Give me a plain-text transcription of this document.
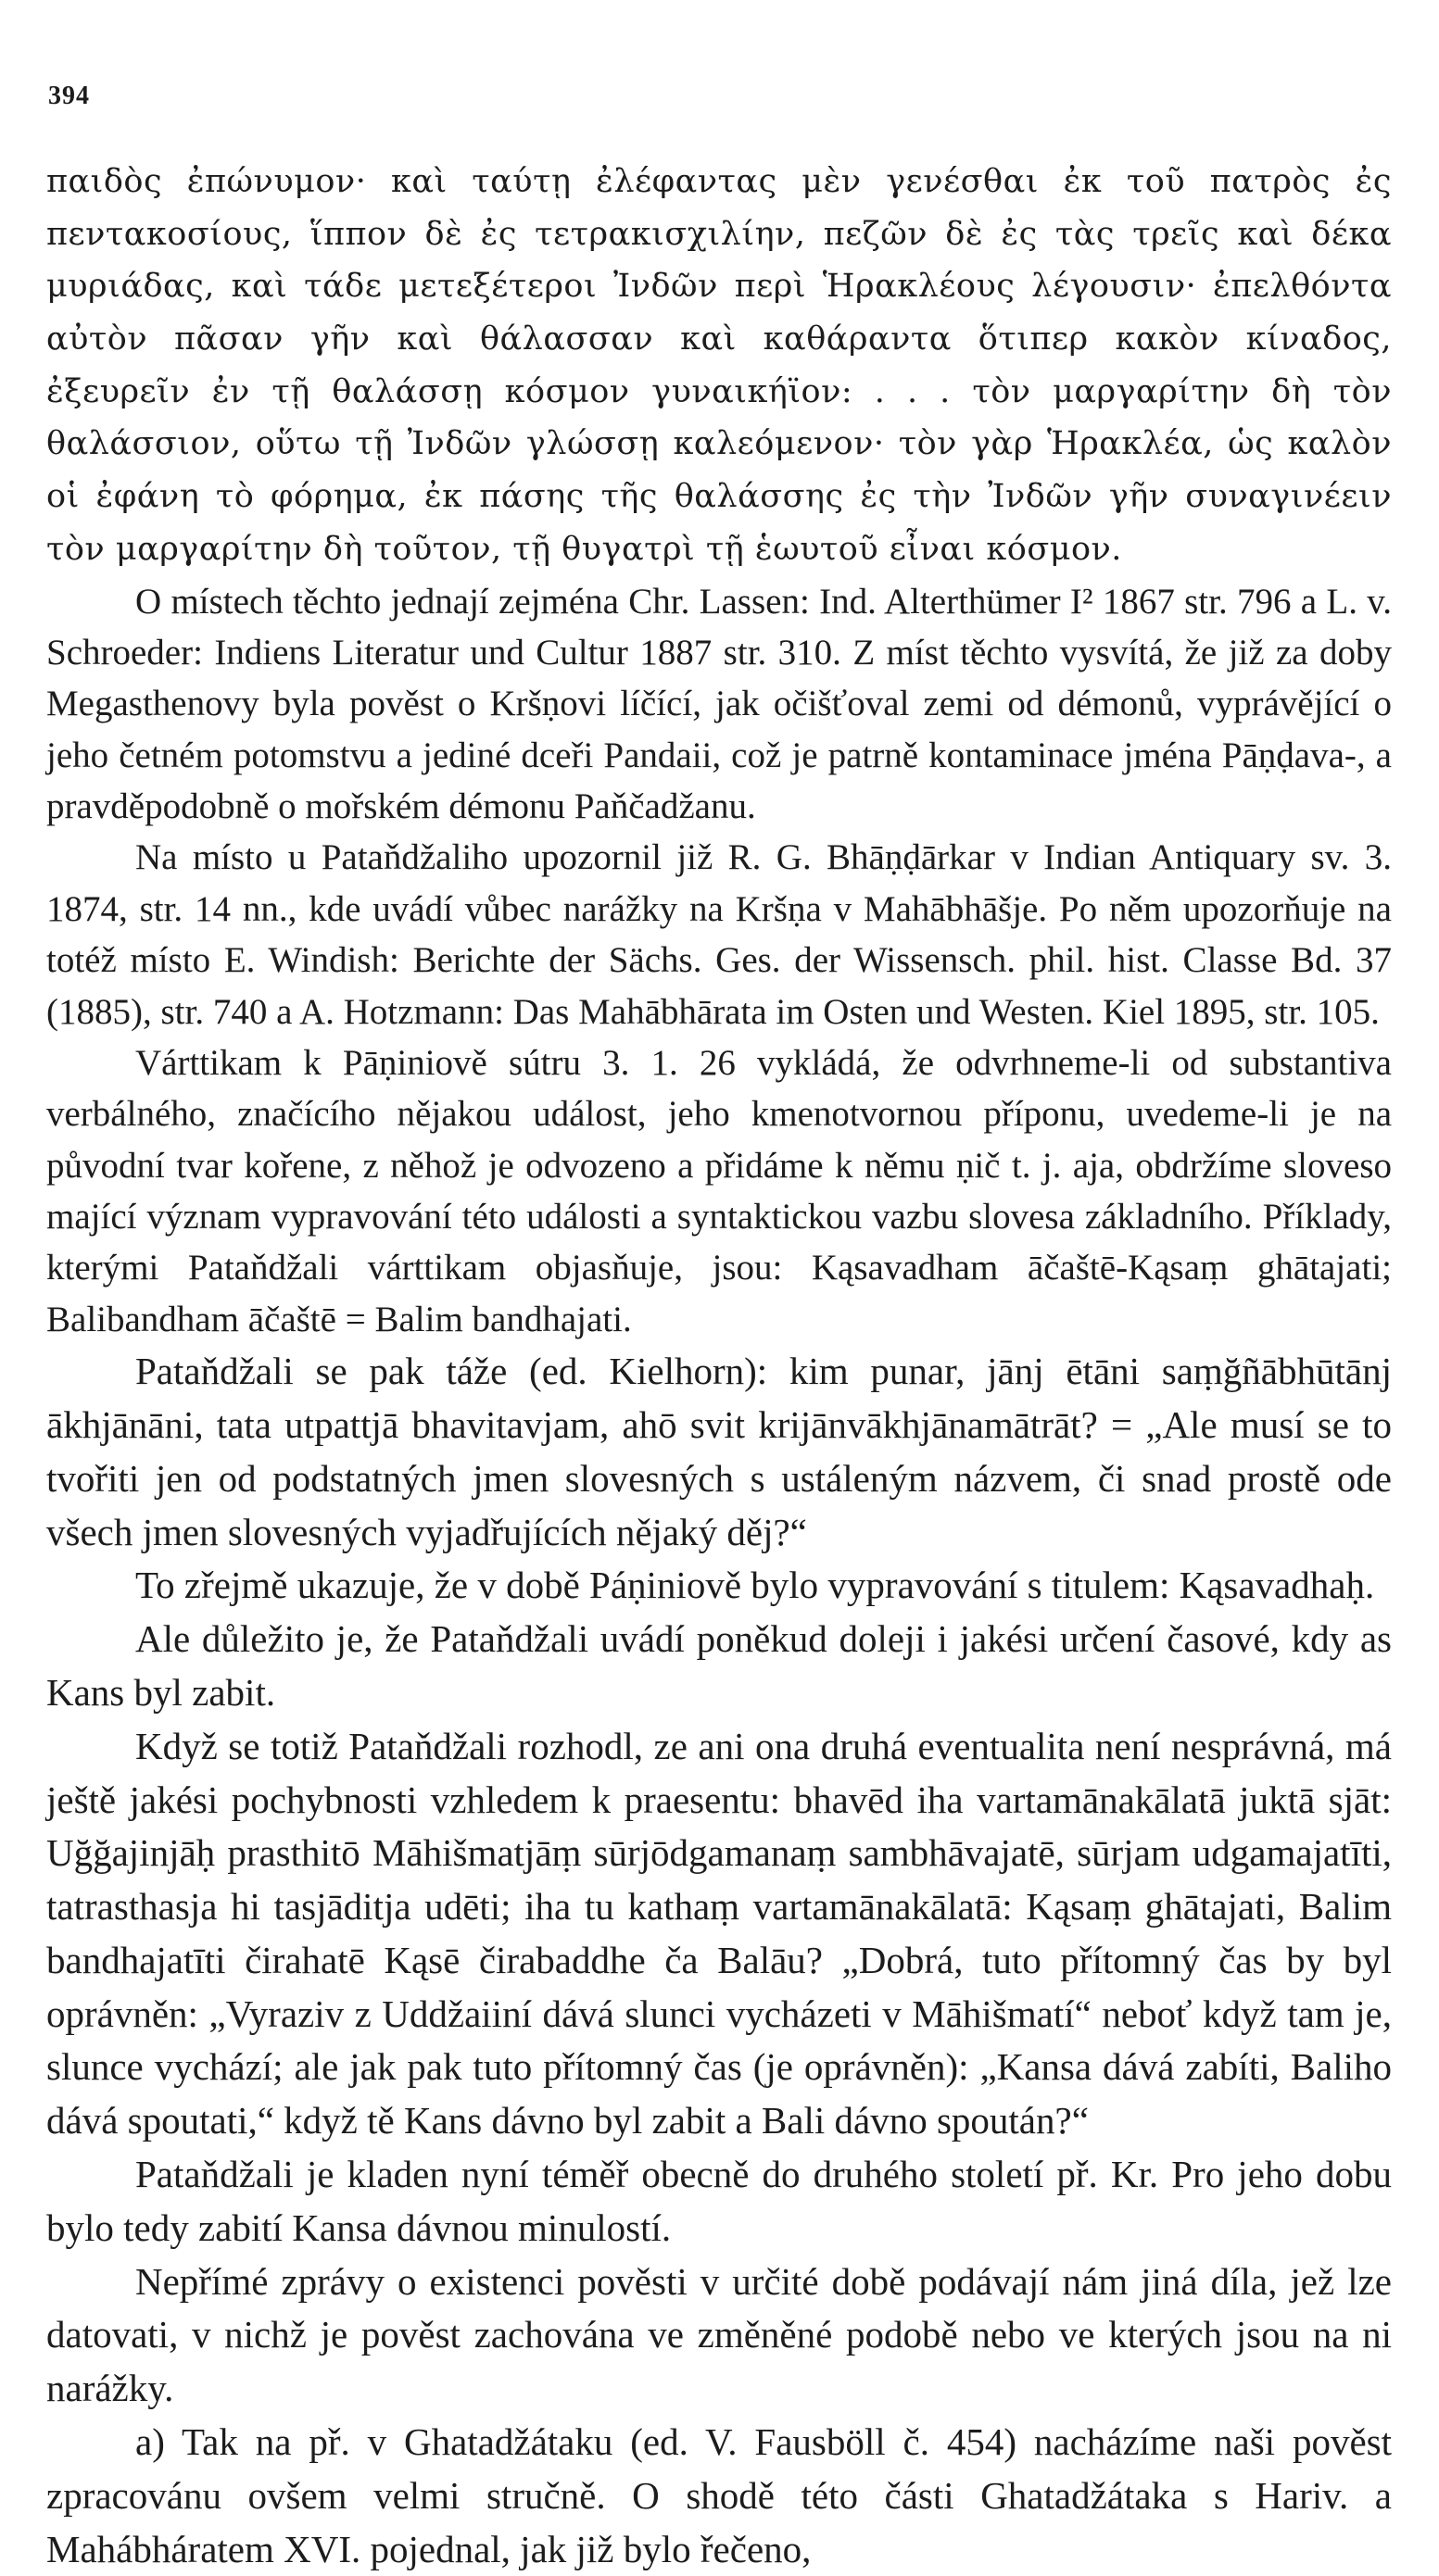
394

παιδὸς ἐπώνυμον· καὶ ταύτῃ ἐλέφαντας μὲν γενέσθαι ἐκ τοῦ πατρὸς ἐς πεντακοσίους, ἵππον δὲ ἐς τετρακισχιλίην, πεζῶν δὲ ἐς τὰς τρεῖς καὶ δέκα μυριάδας, καὶ τάδε μετεξέτεροι Ἰνδῶν περὶ Ἡρακλέους λέγουσιν· ἐπελθόντα αὐτὸν πᾶσαν γῆν καὶ θάλασσαν καὶ καθάραντα ὅτιπερ κακὸν κίναδος, ἐξευρεῖν ἐν τῇ θαλάσσῃ κόσμον γυναικήϊον: . . . τὸν μαργαρίτην δὴ τὸν θαλάσσιον, οὕτω τῇ Ἰνδῶν γλώσσῃ καλεόμενον· τὸν γὰρ Ἡρακλέα, ὡς καλὸν οἱ ἐφάνη τὸ φόρημα, ἐκ πάσης τῆς θαλάσσης ἐς τὴν Ἰνδῶν γῆν συναγινέειν τὸν μαργαρίτην δὴ τοῦτον, τῇ θυγατρὶ τῇ ἑωυτοῦ εἶναι κόσμον.

O místech těchto jednají zejména Chr. Lassen: Ind. Alterthümer I² 1867 str. 796 a L. v. Schroeder: Indiens Literatur und Cultur 1887 str. 310. Z míst těchto vysvítá, že již za doby Megasthenovy byla pověst o Kršṇovi líčící, jak očišťoval zemi od démonů, vyprávějící o jeho četném potomstvu a jediné dceři Pandaii, což je patrně kontaminace jména Pāṇḍava-, a pravděpodobně o mořském démonu Paňčadžanu.

Na místo u Pataňdžaliho upozornil již R. G. Bhāṇḍārkar v Indian Antiquary sv. 3. 1874, str. 14 nn., kde uvádí vůbec narážky na Kršṇa v Mahābhāšje. Po něm upozorňuje na totéž místo E. Windish: Berichte der Sächs. Ges. der Wissensch. phil. hist. Classe Bd. 37 (1885), str. 740 a A. Hotzmann: Das Mahābhārata im Osten und Westen. Kiel 1895, str. 105.

Várttikam k Pāṇiniově sútru 3. 1. 26 vykládá, že odvrhneme-li od substantiva verbálného, značícího nějakou událost, jeho kmenotvornou příponu, uvedeme-li je na původní tvar kořene, z něhož je odvozeno a přidáme k němu ṇič t. j. aja, obdržíme sloveso mající význam vypravování této události a syntaktickou vazbu slovesa základního. Příklady, kterými Pataňdžali várttikam objasňuje, jsou: Kąsavadham āčaštē-Kąsaṃ ghātajati; Balibandham āčaštē = Balim bandhajati.

Pataňdžali se pak táže (ed. Kielhorn): kim punar, jānj ētāni saṃğñābhūtānj ākhjānāni, tata utpattjā bhavitavjam, ahō svit krijānvākhjānamātrāt? = „Ale musí se to tvořiti jen od podstatných jmen slovesných s ustáleným názvem, či snad prostě ode všech jmen slovesných vyjadřujících nějaký děj?“

To zřejmě ukazuje, že v době Páṇiniově bylo vypravování s titulem: Kąsavadhaḥ.

Ale důležito je, že Pataňdžali uvádí poněkud doleji i jakési určení časové, kdy as Kans byl zabit.

Když se totiž Pataňdžali rozhodl, ze ani ona druhá eventualita není nesprávná, má ještě jakési pochybnosti vzhledem k praesentu: bhavēd iha vartamānakālatā juktā sjāt: Uğğajinjāḥ prasthitō Māhišmatjāṃ sūrjōdgamanaṃ sambhāvajatē, sūrjam udgamajatīti, tatrasthasja hi tasjāditja udēti; iha tu kathaṃ vartamānakālatā: Kąsaṃ ghātajati, Balim bandhajatīti čirahatē Kąsē čirabaddhe ča Balāu? „Dobrá, tuto přítomný čas by byl oprávněn: „Vyraziv z Uddžaiiní dává slunci vycházeti v Māhišmatí“ neboť když tam je, slunce vychází; ale jak pak tuto přítomný čas (je oprávněn): „Kansa dává zabíti, Baliho dává spoutati,“ když tě Kans dávno byl zabit a Bali dávno spoután?“

Pataňdžali je kladen nyní téměř obecně do druhého století př. Kr. Pro jeho dobu bylo tedy zabití Kansa dávnou minulostí.

Nepřímé zprávy o existenci pověsti v určité době podávají nám jiná díla, jež lze datovati, v nichž je pověst zachována ve změněné podobě nebo ve kterých jsou na ni narážky.

a) Tak na př. v Ghatadžátaku (ed. V. Fausböll č. 454) nacházíme naši pověst zpracovánu ovšem velmi stručně. O shodě této části Ghatadžátaka s Hariv. a Mahábháratem XVI. pojednal, jak již bylo řečeno,
